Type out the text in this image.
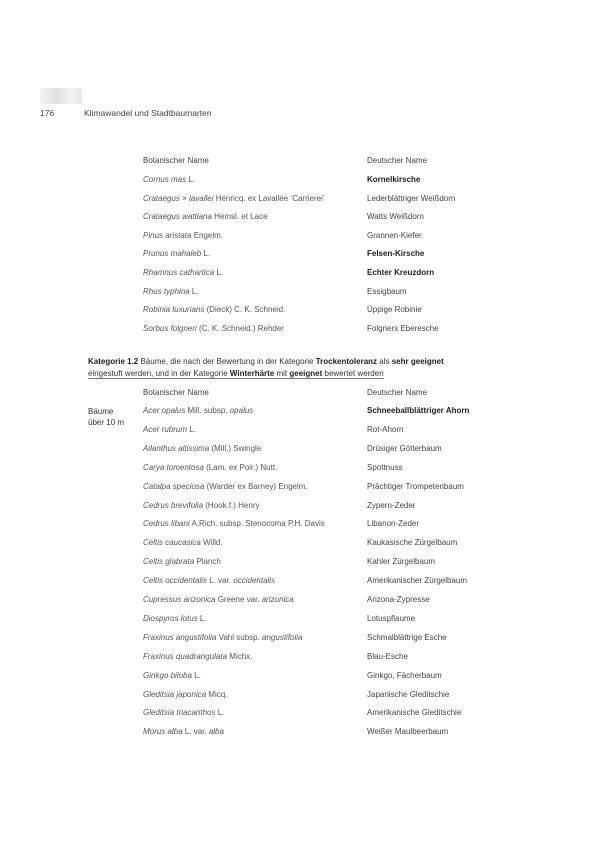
176	Klimawandel und Stadtbaumarten
Botanischer Name	Deutscher Name
Cornus mas L.	Kornelkirsche
Crataegus × lavallei Hénricq. ex Lavallée ‘Carrierei’	Lederblättriger Weißdorn
Crataegus wattiana Hemsl. et Lace	Watts Weißdorn
Pinus aristata Engelm.	Grannen-Kiefer
Prunus mahaleb L.	Felsen-Kirsche
Rhamnus cathartica L.	Echter Kreuzdorn
Rhus typhina L.	Essigbaum
Robinia luxurians (Dieck) C. K. Schneid.	Üppige Robinie
Sorbus folgneri (C. K. Schneid.) Rehder	Folgners Eberesche
Kategorie 1.2 Bäume, die nach der Bewertung in der Kategorie Trockentoleranz als sehr geeignet
eingestuft werden, und in der Kategorie Winterhärte mit geeignet bewertet werden
Botanischer Name	Deutscher Name
Bäume
über 10 m
Acer opalus Mill. subsp. opalus	Schneeballblättriger Ahorn
Acer rubrum L.	Rot-Ahorn
Ailanthus altissima (Mill.) Swingle	Drüsiger Götterbaum
Carya tomentosa (Lam. ex Poir.) Nutt.	Spottnuss
Catalpa speciosa (Warder ex Barney) Engelm.	Prächtiger Trompetenbaum
Cedrus brevifolia (Hook.f.) Henry	Zypern-Zeder
Cedrus libani A.Rich. subsp. Stenocoma P.H. Davis	Libanon-Zeder
Celtis caucasica Willd.	Kaukasische Zürgelbaum
Celtis glabrata Planch	Kahler Zürgelbaum
Celtis occidentalis L. var. occidentalis	Amerikanischer Zürgelbaum
Cupressus arizonica Greene var. arizonica	Arizona-Zypresse
Diospyros lotus L.	Lotuspflaume
Fraxinus angustifolia Vahl subsp. angustifolia	Schmalblättrige Esche
Fraxinus quadrangulata Michx.	Blau-Esche
Ginkgo biloba L.	Ginkgo, Fächerbaum
Gleditsia japonica Micq.	Japanische Gleditschie
Gleditsia triacanthos L.	Amerikanische Gleditschie
Morus alba L. var. alba	Weißer Maulbeerbaum
